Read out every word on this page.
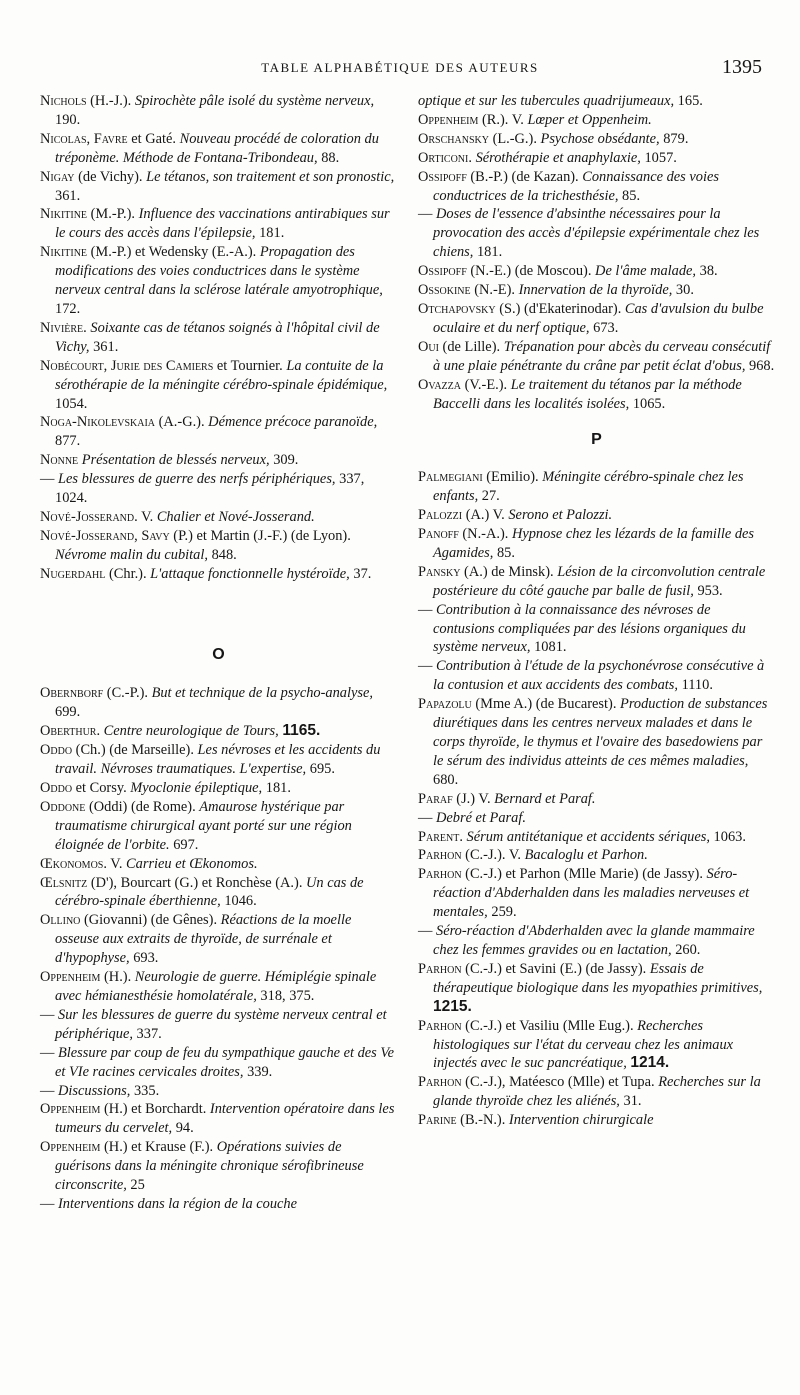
TABLE ALPHABÉTIQUE DES AUTEURS	1395

Nichols (H.-J.). Spirochète pâle isolé du système nerveux, 190.

Nicolas, Favre et Gaté. Nouveau procédé de coloration du tréponème. Méthode de Fontana-Tribondeau, 88.

Nigay (de Vichy). Le tétanos, son traitement et son pronostic, 361.

Nikitine (M.-P.). Influence des vaccinations antirabiques sur le cours des accès dans l'épilepsie, 181.

Nikitine (M.-P.) et Wedensky (E.-A.). Propagation des modifications des voies conductrices dans le système nerveux central dans la sclérose latérale amyotrophique, 172.

Nivière. Soixante cas de tétanos soignés à l'hôpital civil de Vichy, 361.

Nobécourt, Jurie des Camiers et Tournier. La contuite de la sérothérapie de la méningite cérébro-spinale épidémique, 1054.

Noga-Nikolevskaia (A.-G.). Démence précoce paranoïde, 877.

Nonne Présentation de blessés nerveux, 309.

— Les blessures de guerre des nerfs périphériques, 337, 1024.

Nové-Josserand. V. Chalier et Nové-Josserand.

Nové-Josserand, Savy (P.) et Martin (J.-F.) (de Lyon). Névrome malin du cubital, 848.

Nugerdahl (Chr.). L'attaque fonctionnelle hystéroïde, 37.

O

Obernborf (C.-P.). But et technique de la psycho-analyse, 699.

Oberthur. Centre neurologique de Tours, 1165.

Oddo (Ch.) (de Marseille). Les névroses et les accidents du travail. Névroses traumatiques. L'expertise, 695.

Oddo et Corsy. Myoclonie épileptique, 181.

Oddone (Oddi) (de Rome). Amaurose hystérique par traumatisme chirurgical ayant porté sur une région éloignée de l'orbite. 697.

Œkonomos. V. Carrieu et Œkonomos.

Œlsnitz (D'), Bourcart (G.) et Ronchèse (A.). Un cas de cérébro-spinale éberthienne, 1046.

Ollino (Giovanni) (de Gênes). Réactions de la moelle osseuse aux extraits de thyroïde, de surrénale et d'hypophyse, 693.

Oppenheim (H.). Neurologie de guerre. Hémiplégie spinale avec hémianesthésie homolatérale, 318, 375.

— Sur les blessures de guerre du système nerveux central et périphérique, 337.

— Blessure par coup de feu du sympathique gauche et des Ve et VIe racines cervicales droites, 339.

— Discussions, 335.

Oppenheim (H.) et Borchardt. Intervention opératoire dans les tumeurs du cervelet, 94.

Oppenheim (H.) et Krause (F.). Opérations suivies de guérisons dans la méningite chronique sérofibrineuse circonscrite, 25

— Interventions dans la région de la couche

optique et sur les tubercules quadrijumeaux, 165.

Oppenheim (R.). V. Lœper et Oppenheim.

Orschansky (L.-G.). Psychose obsédante, 879.

Orticoni. Sérothérapie et anaphylaxie, 1057.

Ossipoff (B.-P.) (de Kazan). Connaissance des voies conductrices de la trichesthésie, 85.

— Doses de l'essence d'absinthe nécessaires pour la provocation des accès d'épilepsie expérimentale chez les chiens, 181.

Ossipoff (N.-E.) (de Moscou). De l'âme malade, 38.

Ossokine (N.-E). Innervation de la thyroïde, 30.

Otchapovsky (S.) (d'Ekaterinodar). Cas d'avulsion du bulbe oculaire et du nerf optique, 673.

Oui (de Lille). Trépanation pour abcès du cerveau consécutif à une plaie pénétrante du crâne par petit éclat d'obus, 968.

Ovazza (V.-E.). Le traitement du tétanos par la méthode Baccelli dans les localités isolées, 1065.

P

Palmegiani (Emilio). Méningite cérébro-spinale chez les enfants, 27.

Palozzi (A.) V. Serono et Palozzi.

Panoff (N.-A.). Hypnose chez les lézards de la famille des Agamides, 85.

Pansky (A.) de Minsk). Lésion de la circonvolution centrale postérieure du côté gauche par balle de fusil, 953.

— Contribution à la connaissance des névroses de contusions compliquées par des lésions organiques du système nerveux, 1081.

— Contribution à l'étude de la psychonévrose consécutive à la contusion et aux accidents des combats, 1110.

Papazolu (Mme A.) (de Bucarest). Production de substances diurétiques dans les centres nerveux malades et dans le corps thyroïde, le thymus et l'ovaire des basedowiens par le sérum des individus atteints de ces mêmes maladies, 680.

Paraf (J.) V. Bernard et Paraf.

— Debré et Paraf.

Parent. Sérum antitétanique et accidents sériques, 1063.

Parhon (C.-J.). V. Bacaloglu et Parhon.

Parhon (C.-J.) et Parhon (Mlle Marie) (de Jassy). Séro-réaction d'Abderhalden dans les maladies nerveuses et mentales, 259.

— Séro-réaction d'Abderhalden avec la glande mammaire chez les femmes gravides ou en lactation, 260.

Parhon (C.-J.) et Savini (E.) (de Jassy). Essais de thérapeutique biologique dans les myopathies primitives, 1215.

Parhon (C.-J.) et Vasiliu (Mlle Eug.). Recherches histologiques sur l'état du cerveau chez les animaux injectés avec le suc pancréatique, 1214.

Parhon (C.-J.), Matéesco (Mlle) et Tupa. Recherches sur la glande thyroïde chez les aliénés, 31.

Parine (B.-N.). Intervention chirurgicale
